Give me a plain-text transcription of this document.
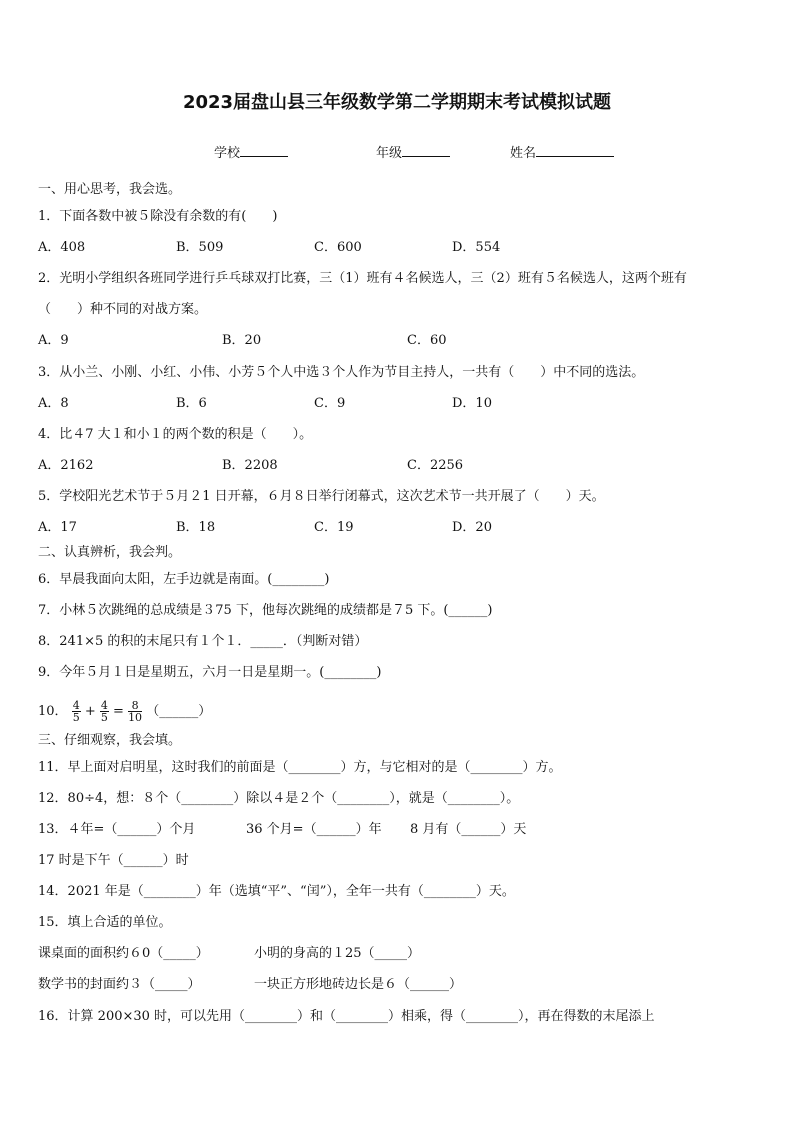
2023届盘山县三年级数学第二学期期末考试模拟试题
学校	年级	姓名
一、用心思考，我会选。
1．下面各数中被５除没有余数的有(　　)
A．408	B．509	C．600	D．554
2．光明小学组织各班同学进行乒乓球双打比赛，三（1）班有４名候选人，三（2）班有５名候选人，这两个班有
（　　）种不同的对战方案。
A．9	B．20	C．60
3．从小兰、小刚、小红、小伟、小芳５个人中选３个人作为节目主持人，一共有（　　）中不同的选法。
A．8	B．6	C．9	D．10
4．比４7 大１和小１的两个数的积是（　　）。
A．2162	B．2208	C．2256
5．学校阳光艺术节于５月２1 日开幕，６月８日举行闭幕式，这次艺术节一共开展了（　　）天。
A．17	B．18	C．19	D．20
二、认真辨析，我会判。
6．早晨我面向太阳，左手边就是南面。(________)
7．小林５次跳绳的总成绩是３75 下，他每次跳绳的成绩都是７5 下。(______)
8．241×5 的积的末尾只有１个１．_____．（判断对错）
9．今年５月１日是星期五，六月一日是星期一。(________)
10． $\frac{4}{5} + \frac{4}{5} = \frac{8}{10}$ （______）
三、仔细观察，我会填。
11．早上面对启明星，这时我们的前面是（________）方，与它相对的是（________）方。
12．80÷4，想：８个（________）除以４是２个（________），就是（________）。
13．４年=（______）个月	36 个月=（______）年 8 月有（______）天
17 时是下午（______）时
14．2021 年是（________）年（选填“平”、“闰”），全年一共有（________）天。
15．填上合适的单位。
课桌面的面积约６0（_____）	小明的身高的１25（_____）
数学书的封面约３（_____）	一块正方形地砖边长是６（______）
16．计算 200×30 时，可以先用（________）和（________）相乘，得（________），再在得数的末尾添上
